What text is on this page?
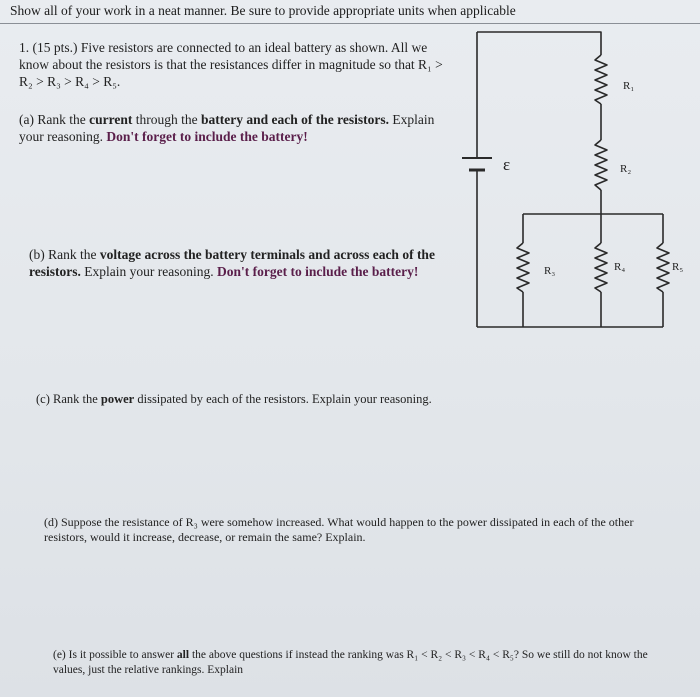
Show all of your work in a neat manner. Be sure to provide appropriate units when applicable
1. (15 pts.) Five resistors are connected to an ideal battery as shown. All we know about the resistors is that the resistances differ in magnitude so that R₁ > R₂ > R₃ > R₄ > R₅.
(a) Rank the current through the battery and each of the resistors. Explain your reasoning. Don't forget to include the battery!
(b) Rank the voltage across the battery terminals and across each of the resistors. Explain your reasoning. Don't forget to include the battery!
(c) Rank the power dissipated by each of the resistors. Explain your reasoning.
(d) Suppose the resistance of R₃ were somehow increased. What would happen to the power dissipated in each of the other resistors, would it increase, decrease, or remain the same? Explain.
(e) Is it possible to answer all the above questions if instead the ranking was R₁ < R₂ < R₃ < R₄ < R₅? So we still do not know the values, just the relative rankings. Explain
ε
R₁
R₂
R₃	R₄	R₅
